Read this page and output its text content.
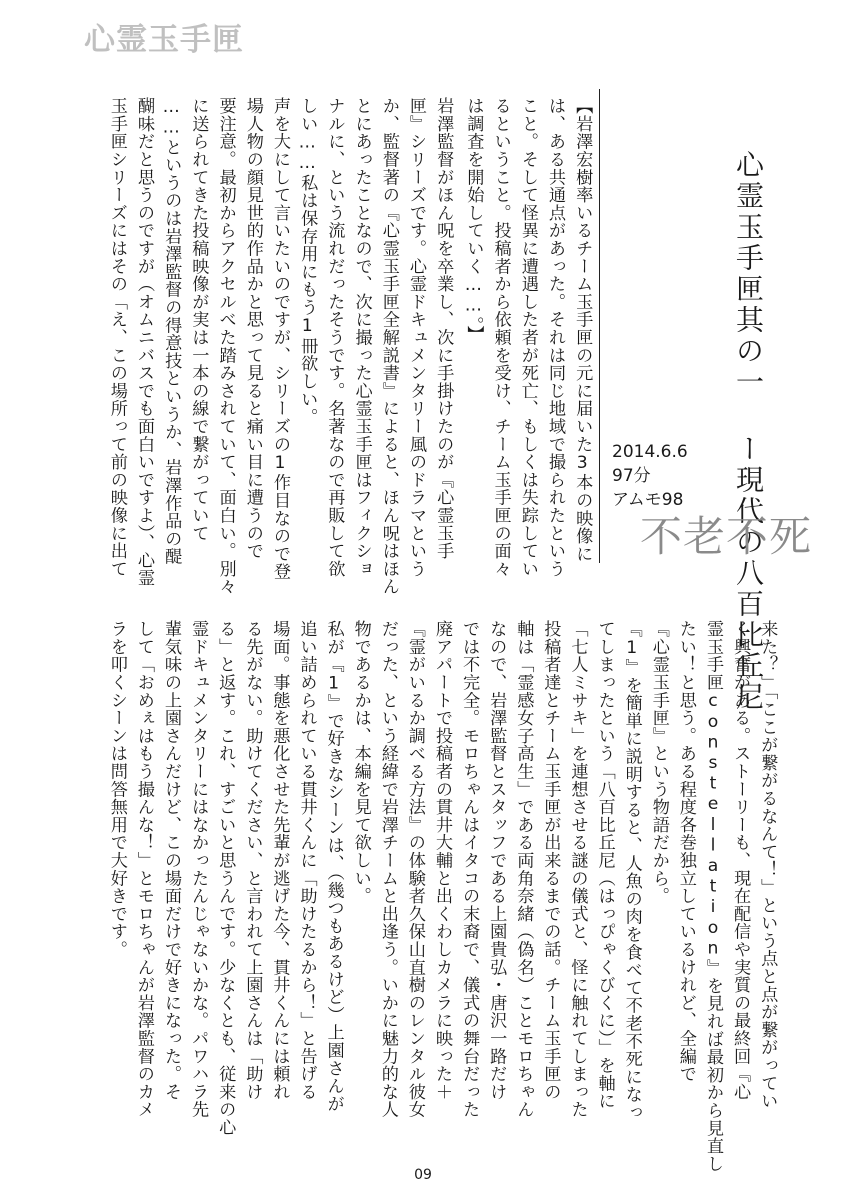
心霊玉手匣
心霊玉手匣其の一 ー現代の八百比丘尼
2014.6.6
97分
アムモ98
不老不死
【岩澤宏樹率いるチーム玉手匣の元に届いた3本の映像に
は、ある共通点があった。それは同じ地域で撮られたという
こと。そして怪異に遭遇した者が死亡、もしくは失踪してい
るということ。投稿者から依頼を受け、チーム玉手匣の面々
は調査を開始していく……。】
岩澤監督がほん呪を卒業し、次に手掛けたのが『心霊玉手
匣』シリーズです。心霊ドキュメンタリー風のドラマという
か、監督著の『心霊玉手匣全解説書』によると、ほん呪はほん
とにあったことなので、次に撮った心霊玉手匣はフィクショ
ナルに、という流れだったそうです。名著なので再販して欲
しい……私は保存用にもう1冊欲しい。
声を大にして言いたいのですが、シリーズの1作目なので登
場人物の顔見世的作品かと思って見ると痛い目に遭うので
要注意。最初からアクセルべた踏みされていて、面白い。別々
に送られてきた投稿映像が実は一本の線で繋がっていて
……というのは岩澤監督の得意技というか、岩澤作品の醍
醐味だと思うのですが（オムニバスでも面白いですよ）、心霊
玉手匣シリーズにはその「え、この場所って前の映像に出て
来た？」「ここが繋がるなんて！」という点と点が繋がってい
く興奮がある。ストーリーも、現在配信や実質の最終回『心
霊玉手匣constellation』を見れば最初から見直し
たい！と思う。ある程度各巻独立しているけれど、全編で
『心霊玉手匣』という物語だから。
『1』を簡単に説明すると、人魚の肉を食べて不老不死になっ
てしまったという「八百比丘尼（はっぴゃくびくに）」を軸に
「七人ミサキ」を連想させる謎の儀式と、怪に触れてしまった
投稿者達とチーム玉手匣が出来るまでの話。チーム玉手匣の
軸は「霊感女子高生」である両角奈緒（偽名）ことモロちゃん
なので、岩澤監督とスタッフである上園貴弘・唐沢一路だけ
では不完全。モロちゃんはイタコの末裔で、儀式の舞台だった
廃アパートで投稿者の貫井大輔と出くわしカメラに映った＋
『霊がいるか調べる方法』の体験者久保山直樹のレンタル彼女
だった、という経緯で岩澤チームと出逢う。いかに魅力的な人
物であるかは、本編を見て欲しい。
私が『1』で好きなシーンは、（幾つもあるけど）上園さんが
追い詰められている貫井くんに「助けたるから！」と告げる
場面。事態を悪化させた先輩が逃げた今、貫井くんには頼れ
る先がない。助けてください、と言われて上園さんは「助け
る」と返す。これ、すごいと思うんです。少なくとも、従来の心
霊ドキュメンタリーにはなかったんじゃないかな。パワハラ先
輩気味の上園さんだけど、この場面だけで好きになった。そ
して「おめぇはもう撮んな！」とモロちゃんが岩澤監督のカメ
ラを叩くシーンは問答無用で大好きです。
09
